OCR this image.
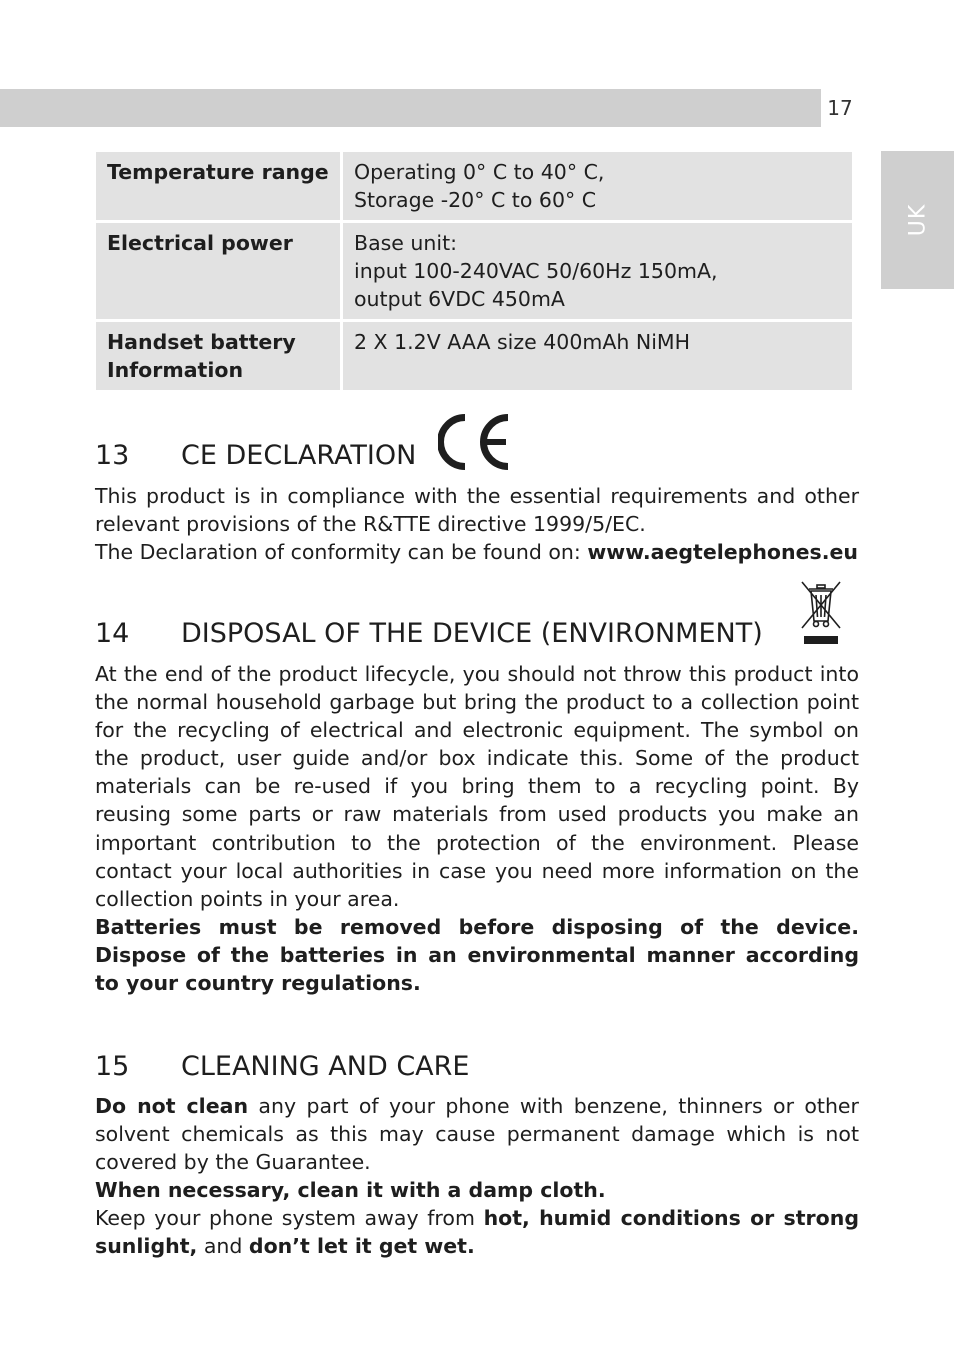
17
UK
Temperature range	Operating 0° C to 40° C,
Storage -20° C to 60° C

Electrical power	Base unit:
input 100-240VAC 50/60Hz 150mA,
output 6VDC 450mA

Handset battery
Information	2 X 1.2V AAA size 400mAh NiMH
13 CE DECLARATION

This product is in compliance with the essential requirements and other relevant provisions of the R&TTE directive 1999/5/EC.

The Declaration of conformity can be found on: www.aegtelephones.eu

14 DISPOSAL OF THE DEVICE (ENVIRONMENT)

At the end of the product lifecycle, you should not throw this product into the normal household garbage but bring the product to a collection point for the recycling of electrical and electronic equipment. The symbol on the product, user guide and/or box indicate this. Some of the product materials can be re-used if you bring them to a recycling point. By reusing some parts or raw materials from used products you make an important contribution to the protection of the environment. Please contact your local authorities in case you need more information on the collection points in your area.

Batteries must be removed before disposing of the device. Dispose of the batteries in an environmental manner according to your country regulations.

15 CLEANING AND CARE

Do not clean any part of your phone with benzene, thinners or other solvent chemicals as this may cause permanent damage which is not covered by the Guarantee.

When necessary, clean it with a damp cloth.

Keep your phone system away from hot, humid conditions or strong sunlight, and don’t let it get wet.
